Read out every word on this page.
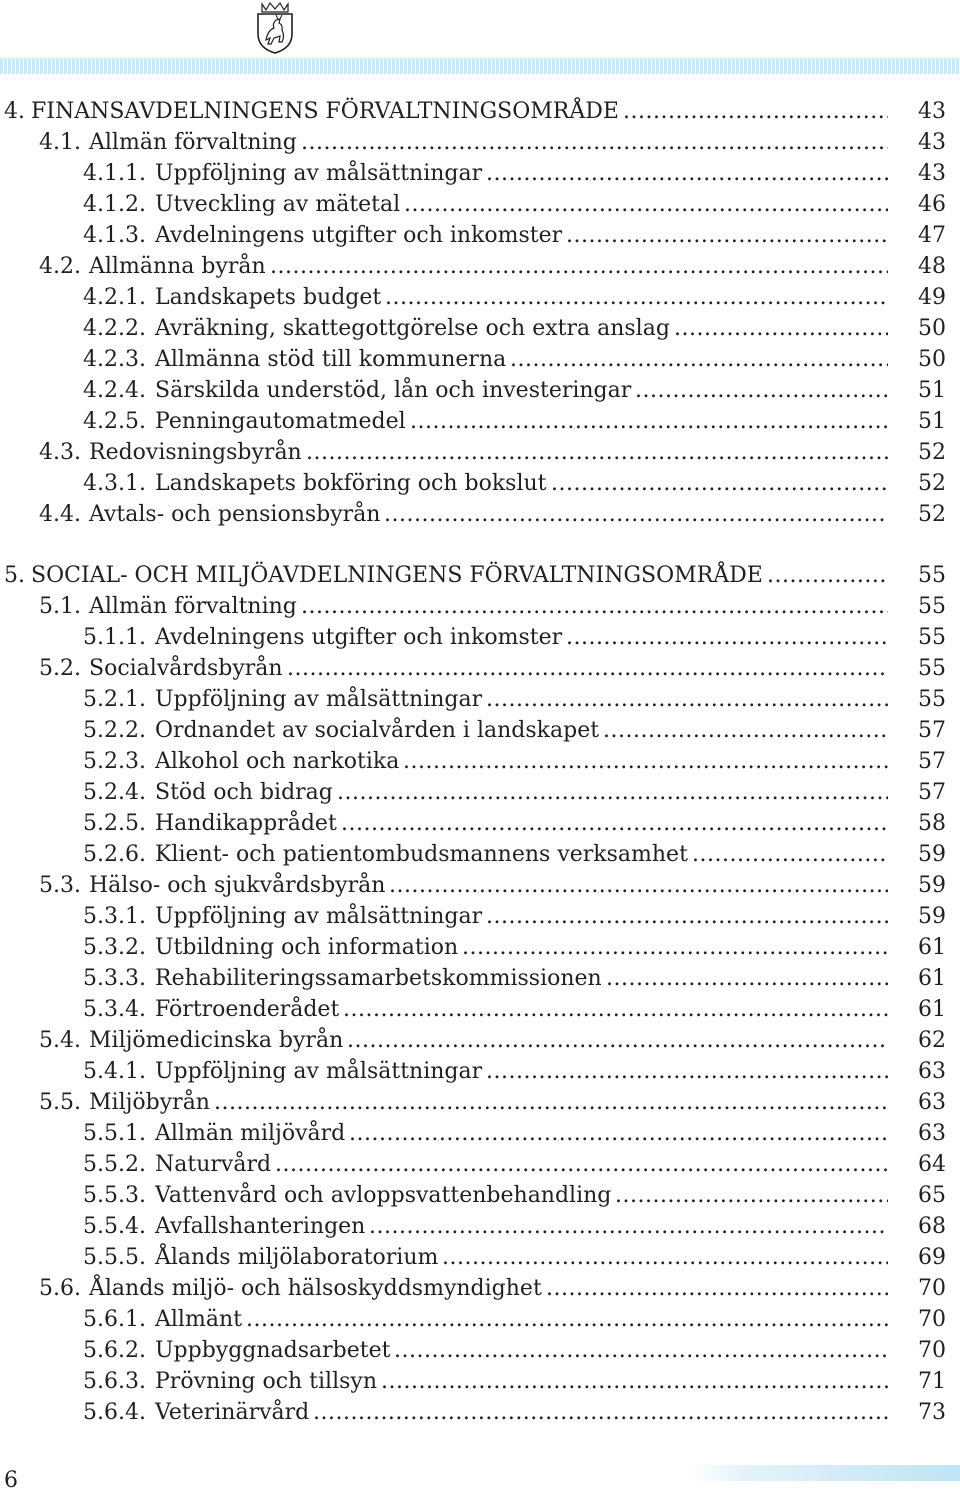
4. FINANSAVDELNINGENS FÖRVALTNINGSOMRÅDE .....	43
4.1. Allmän förvaltning .....	43
4.1.1. Uppföljning av målsättningar .....	43
4.1.2. Utveckling av mätetal .....	46
4.1.3. Avdelningens utgifter och inkomster .....	47
4.2. Allmänna byrån .....	48
4.2.1. Landskapets budget .....	49
4.2.2. Avräkning, skattegottgörelse och extra anslag .....	50
4.2.3. Allmänna stöd till kommunerna .....	50
4.2.4. Särskilda understöd, lån och investeringar .....	51
4.2.5. Penningautomatmedel .....	51
4.3. Redovisningsbyrån .....	52
4.3.1. Landskapets bokföring och bokslut .....	52
4.4. Avtals- och pensionsbyrån .....	52
5. SOCIAL- OCH MILJÖAVDELNINGENS FÖRVALTNINGSOMRÅDE .....	55
5.1. Allmän förvaltning .....	55
5.1.1. Avdelningens utgifter och inkomster .....	55
5.2. Socialvårdsbyrån .....	55
5.2.1. Uppföljning av målsättningar .....	55
5.2.2. Ordnandet av socialvården i landskapet .....	57
5.2.3. Alkohol och narkotika .....	57
5.2.4. Stöd och bidrag .....	57
5.2.5. Handikapprådet .....	58
5.2.6. Klient- och patientombudsmannens verksamhet .....	59
5.3. Hälso- och sjukvårdsbyrån .....	59
5.3.1. Uppföljning av målsättningar .....	59
5.3.2. Utbildning och information .....	61
5.3.3. Rehabiliteringssamarbetskommissionen .....	61
5.3.4. Förtroenderådet .....	61
5.4. Miljömedicinska byrån .....	62
5.4.1. Uppföljning av målsättningar .....	63
5.5. Miljöbyrån .....	63
5.5.1. Allmän miljövård .....	63
5.5.2. Naturvård .....	64
5.5.3. Vattenvård och avloppsvattenbehandling .....	65
5.5.4. Avfallshanteringen .....	68
5.5.5. Ålands miljölaboratorium .....	69
5.6. Ålands miljö- och hälsoskyddsmyndighet .....	70
5.6.1. Allmänt .....	70
5.6.2. Uppbyggnadsarbetet .....	70
5.6.3. Prövning och tillsyn .....	71
5.6.4. Veterinärvård .....	73
6
